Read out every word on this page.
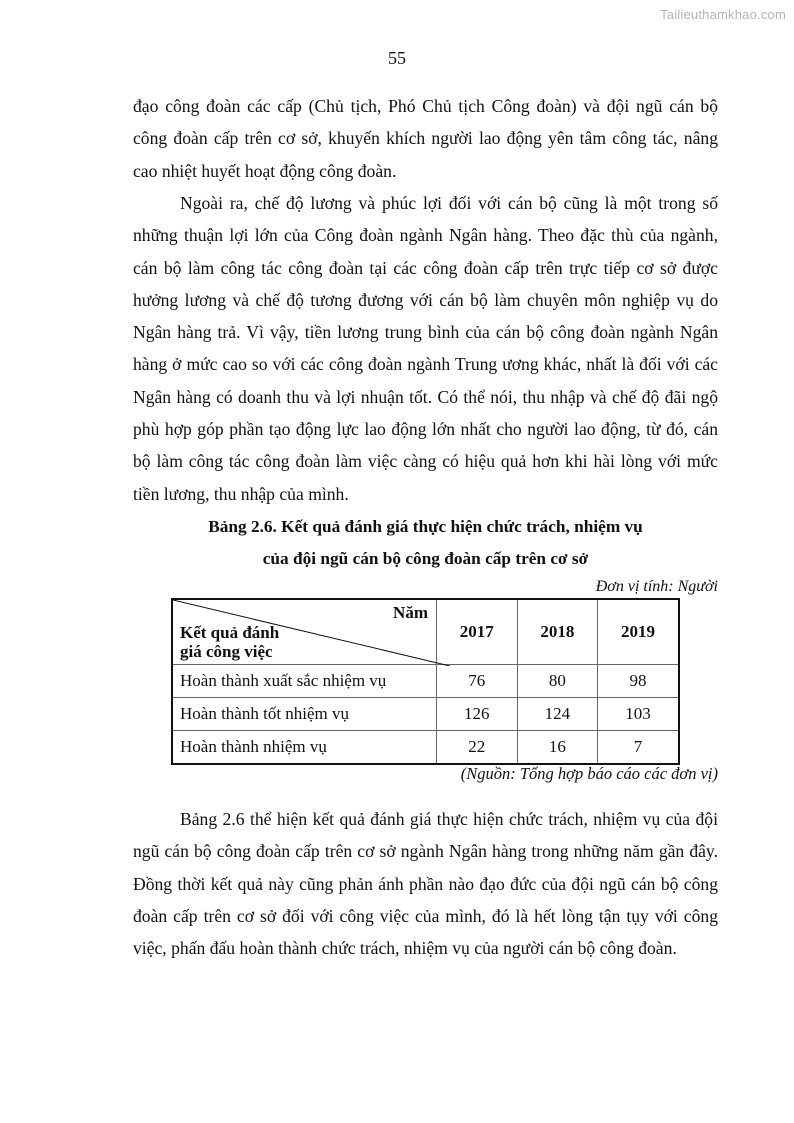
Tailieuthamkhao.com
55

đạo công đoàn các cấp (Chủ tịch, Phó Chủ tịch Công đoàn) và đội ngũ cán bộ công đoàn cấp trên cơ sở, khuyến khích người lao động yên tâm công tác, nâng cao nhiệt huyết hoạt động công đoàn.

Ngoài ra, chế độ lương và phúc lợi đối với cán bộ cũng là một trong số những thuận lợi lớn của Công đoàn ngành Ngân hàng. Theo đặc thù của ngành, cán bộ làm công tác công đoàn tại các công đoàn cấp trên trực tiếp cơ sở được hưởng lương và chế độ tương đương với cán bộ làm chuyên môn nghiệp vụ do Ngân hàng trả. Vì vậy, tiền lương trung bình của cán bộ công đoàn ngành Ngân hàng ở mức cao so với các công đoàn ngành Trung ương khác, nhất là đối với các Ngân hàng có doanh thu và lợi nhuận tốt. Có thể nói, thu nhập và chế độ đãi ngộ phù hợp góp phần tạo động lực lao động lớn nhất cho người lao động, từ đó, cán bộ làm công tác công đoàn làm việc càng có hiệu quả hơn khi hài lòng với mức tiền lương, thu nhập của mình.

Bảng 2.6. Kết quả đánh giá thực hiện chức trách, nhiệm vụ
của đội ngũ cán bộ công đoàn cấp trên cơ sở
Đơn vị tính: Người
Năm
Kết quả đánh
giá công việc	2017	2018	2019
Hoàn thành xuất sắc nhiệm vụ	76	80	98
Hoàn thành tốt nhiệm vụ	126	124	103
Hoàn thành nhiệm vụ	22	16	7
(Nguồn: Tổng hợp báo cáo các đơn vị)

Bảng 2.6 thể hiện kết quả đánh giá thực hiện chức trách, nhiệm vụ của đội ngũ cán bộ công đoàn cấp trên cơ sở ngành Ngân hàng trong những năm gần đây. Đồng thời kết quả này cũng phản ánh phần nào đạo đức của đội ngũ cán bộ công đoàn cấp trên cơ sở đối với công việc của mình, đó là hết lòng tận tụy với công việc, phấn đấu hoàn thành chức trách, nhiệm vụ của người cán bộ công đoàn.
